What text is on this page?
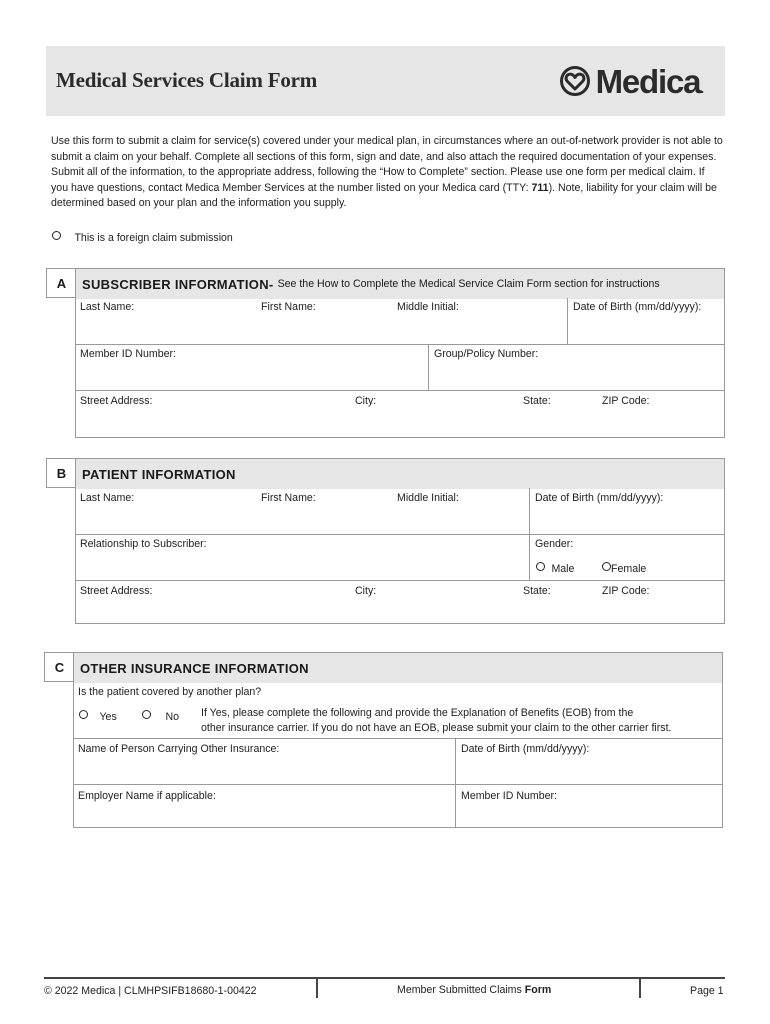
Medical Services Claim Form	Medica.
Use this form to submit a claim for service(s) covered under your medical plan, in circumstances where an out-of-network provider is not able to submit a claim on your behalf. Complete all sections of this form, sign and date, and also attach the required documentation of your expenses. Submit all of the information, to the appropriate address, following the “How to Complete” section. Please use one form per medical claim. If you have questions, contact Medica Member Services at the number listed on your Medica card (TTY: 711). Note, liability for your claim will be determined based on your plan and the information you supply.
This is a foreign claim submission
A	SUBSCRIBER INFORMATION - See the How to Complete the Medical Service Claim Form section for instructions
Last Name:	First Name:	Middle Initial:	Date of Birth (mm/dd/yyyy):
Member ID Number:	Group/Policy Number:
Street Address:	City:	State:	ZIP Code:
B	PATIENT INFORMATION
Last Name:	First Name:	Middle Initial:	Date of Birth (mm/dd/yyyy):
Relationship to Subscriber:	Gender:
Male	Female
Street Address:	City:	State:	ZIP Code:
C	OTHER INSURANCE INFORMATION
Is the patient covered by another plan?
Yes	No If Yes, please complete the following and provide the Explanation of Benefits (EOB) from the
other insurance carrier. If you do not have an EOB, please submit your claim to the other carrier first.
Name of Person Carrying Other Insurance:	Date of Birth (mm/dd/yyyy):
Employer Name if applicable:	Member ID Number:
© 2022 Medica | CLMHPSIFB18680-1-00422	Member Submitted Claims Form	Page 1
